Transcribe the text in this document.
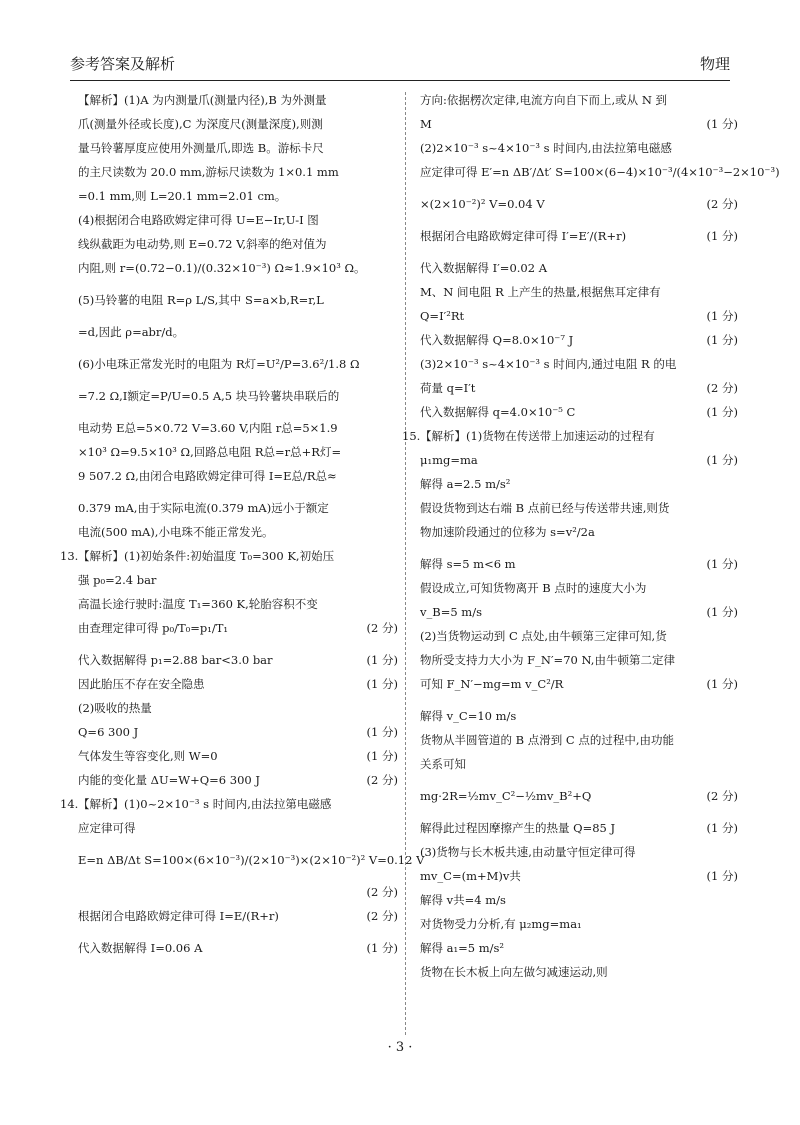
参考答案及解析	物理
【解析】(1)A 为内测量爪(测量内径),B 为外测量
爪(测量外径或长度),C 为深度尺(测量深度),则测
量马铃薯厚度应使用外测量爪,即选 B。游标卡尺
的主尺读数为 20.0 mm,游标尺读数为 1×0.1 mm
=0.1 mm,则 L=20.1 mm=2.01 cm。
(4)根据闭合电路欧姆定律可得 U=E−Ir,U-I 图
线纵截距为电动势,则 E=0.72 V,斜率的绝对值为
内阻,则 r=(0.72−0.1)/(0.32×10⁻³) Ω≈1.9×10³ Ω。
(5)马铃薯的电阻 R=ρ L/S,其中 S=a×b,R=r,L
=d,因此 ρ=abr/d。
(6)小电珠正常发光时的电阻为 R灯=U²/P=3.6²/1.8 Ω
=7.2 Ω,I额定=P/U=0.5 A,5 块马铃薯块串联后的
电动势 E总=5×0.72 V=3.60 V,内阻 r总=5×1.9
×10³ Ω=9.5×10³ Ω,回路总电阻 R总=r总+R灯=
9 507.2 Ω,由闭合电路欧姆定律可得 I=E总/R总≈
0.379 mA,由于实际电流(0.379 mA)远小于额定
电流(500 mA),小电珠不能正常发光。
13. 【解析】(1)初始条件:初始温度 T₀=300 K,初始压
强 p₀=2.4 bar
高温长途行驶时:温度 T₁=360 K,轮胎容积不变
由查理定律可得 p₀/T₀=p₁/T₁	(2 分)
代入数据解得 p₁=2.88 bar<3.0 bar	(1 分)
因此胎压不存在安全隐患	(1 分)
(2)吸收的热量
Q=6 300 J	(1 分)
气体发生等容变化,则 W=0	(1 分)
内能的变化量 ΔU=W+Q=6 300 J	(2 分)
14. 【解析】(1)0~2×10⁻³ s 时间内,由法拉第电磁感
应定律可得
E=n ΔB/Δt S=100×(6×10⁻³)/(2×10⁻³)×(2×10⁻²)² V=0.12 V
(2 分)
根据闭合电路欧姆定律可得 I=E/(R+r)	(2 分)
代入数据解得 I=0.06 A	(1 分)
方向:依据楞次定律,电流方向自下而上,或从 N 到
M	(1 分)
(2)2×10⁻³ s~4×10⁻³ s 时间内,由法拉第电磁感
应定律可得 E′=n ΔB′/Δt′ S=100×(6−4)×10⁻³/(4×10⁻³−2×10⁻³)
×(2×10⁻²)² V=0.04 V	(2 分)
根据闭合电路欧姆定律可得 I′=E′/(R+r)	(1 分)
代入数据解得 I′=0.02 A
M、N 间电阻 R 上产生的热量,根据焦耳定律有
Q=I′²Rt	(1 分)
代入数据解得 Q=8.0×10⁻⁷ J	(1 分)
(3)2×10⁻³ s~4×10⁻³ s 时间内,通过电阻 R 的电
荷量 q=I′t	(2 分)
代入数据解得 q=4.0×10⁻⁵ C	(1 分)
15. 【解析】(1)货物在传送带上加速运动的过程有
μ₁mg=ma	(1 分)
解得 a=2.5 m/s²
假设货物到达右端 B 点前已经与传送带共速,则货
物加速阶段通过的位移为 s=v²/2a
解得 s=5 m<6 m	(1 分)
假设成立,可知货物离开 B 点时的速度大小为
v_B=5 m/s	(1 分)
(2)当货物运动到 C 点处,由牛顿第三定律可知,货
物所受支持力大小为 F_N′=70 N,由牛顿第二定律
可知 F_N′−mg=m v_C²/R	(1 分)
解得 v_C=10 m/s
货物从半圆管道的 B 点滑到 C 点的过程中,由功能
关系可知
mg·2R=½mv_C²−½mv_B²+Q	(2 分)
解得此过程因摩擦产生的热量 Q=85 J	(1 分)
(3)货物与长木板共速,由动量守恒定律可得
mv_C=(m+M)v共	(1 分)
解得 v共=4 m/s
对货物受力分析,有 μ₂mg=ma₁
解得 a₁=5 m/s²
货物在长木板上向左做匀减速运动,则
· 3 ·
